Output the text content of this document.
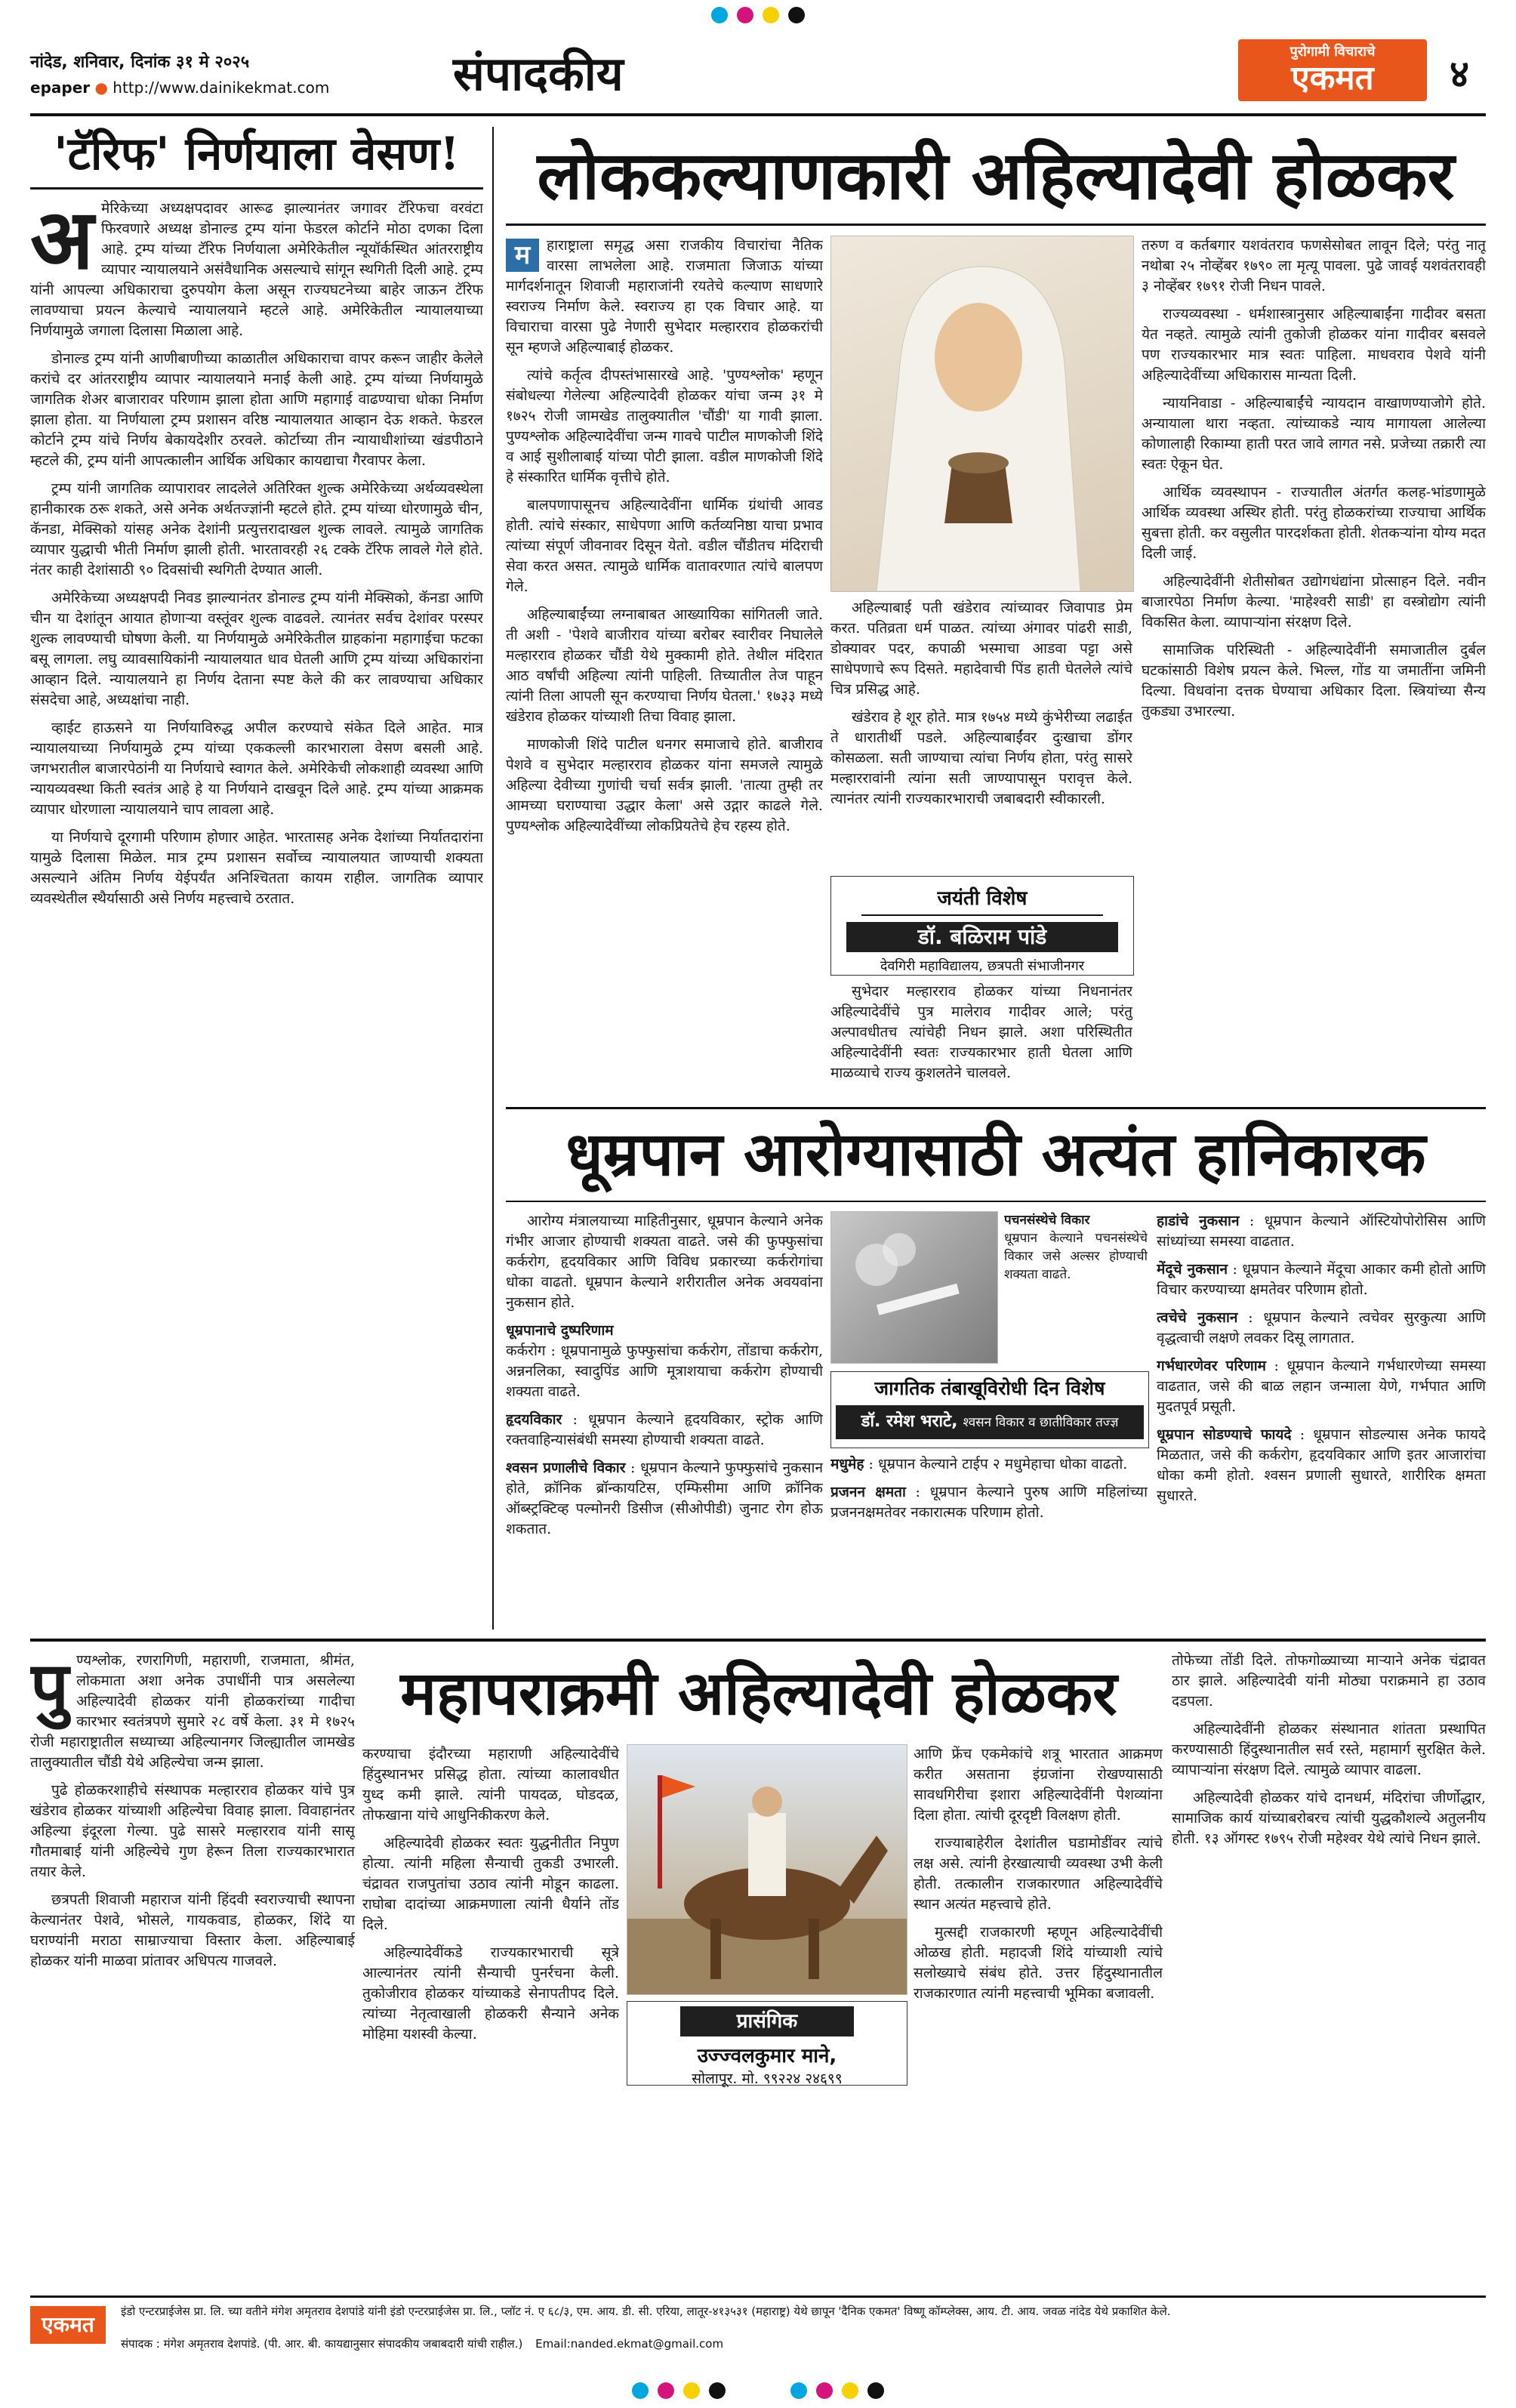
नांदेड, शनिवार, दिनांक ३१ मे २०२५
epaper ● http://www.dainikekmat.com	संपादकीय	पुरोगामी विचाराचे
एकमत	४
'टॅरिफ' निर्णयाला वेसण!
अ मेरिकेच्या अध्यक्षपदावर आरूढ झाल्यानंतर जगावर टॅरिफचा वरवंटा फिरवणारे अध्यक्ष डोनाल्ड ट्रम्प यांना फेडरल कोर्टाने मोठा दणका दिला आहे. ट्रम्प यांच्या टॅरिफ निर्णयाला अमेरिकेतील न्यूयॉर्कस्थित आंतरराष्ट्रीय व्यापार न्यायालयाने असंवैधानिक असल्याचे सांगून स्थगिती दिली आहे. ट्रम्प यांनी आपल्या अधिकाराचा दुरुपयोग केला असून राज्यघटनेच्या बाहेर जाऊन टॅरिफ लावण्याचा प्रयत्न केल्याचे न्यायालयाने म्हटले आहे. अमेरिकेतील न्यायालयाच्या निर्णयामुळे जगाला दिलासा मिळाला आहे.

डोनाल्ड ट्रम्प यांनी आणीबाणीच्या काळातील अधिकाराचा वापर करून जाहीर केलेले करांचे दर आंतरराष्ट्रीय व्यापार न्यायालयाने मनाई केली आहे. ट्रम्प यांच्या निर्णयामुळे जागतिक शेअर बाजारावर परिणाम झाला होता आणि महागाई वाढण्याचा धोका निर्माण झाला होता. या निर्णयाला ट्रम्प प्रशासन वरिष्ठ न्यायालयात आव्हान देऊ शकते. फेडरल कोर्टाने ट्रम्प यांचे निर्णय बेकायदेशीर ठरवले. कोर्टाच्या तीन न्यायाधीशांच्या खंडपीठाने म्हटले की, ट्रम्प यांनी आपत्कालीन आर्थिक अधिकार कायद्याचा गैरवापर केला.

ट्रम्प यांनी जागतिक व्यापारावर लादलेले अतिरिक्त शुल्क अमेरिकेच्या अर्थव्यवस्थेला हानीकारक ठरू शकते, असे अनेक अर्थतज्ज्ञांनी म्हटले होते. ट्रम्प यांच्या धोरणामुळे चीन, कॅनडा, मेक्सिको यांसह अनेक देशांनी प्रत्युत्तरादाखल शुल्क लावले. त्यामुळे जागतिक व्यापार युद्धाची भीती निर्माण झाली होती. भारतावरही २६ टक्के टॅरिफ लावले गेले होते. नंतर काही देशांसाठी ९० दिवसांची स्थगिती देण्यात आली.

अमेरिकेच्या अध्यक्षपदी निवड झाल्यानंतर डोनाल्ड ट्रम्प यांनी मेक्सिको, कॅनडा आणि चीन या देशांतून आयात होणाऱ्या वस्तूंवर शुल्क वाढवले. त्यानंतर सर्वच देशांवर परस्पर शुल्क लावण्याची घोषणा केली. या निर्णयामुळे अमेरिकेतील ग्राहकांना महागाईचा फटका बसू लागला. लघु व्यावसायिकांनी न्यायालयात धाव घेतली आणि ट्रम्प यांच्या अधिकारांना आव्हान दिले. न्यायालयाने हा निर्णय देताना स्पष्ट केले की कर लावण्याचा अधिकार संसदेचा आहे, अध्यक्षांचा नाही.

व्हाईट हाऊसने या निर्णयाविरुद्ध अपील करण्याचे संकेत दिले आहेत. मात्र न्यायालयाच्या निर्णयामुळे ट्रम्प यांच्या एककल्ली कारभाराला वेसण बसली आहे. जगभरातील बाजारपेठांनी या निर्णयाचे स्वागत केले. अमेरिकेची लोकशाही व्यवस्था आणि न्यायव्यवस्था किती स्वतंत्र आहे हे या निर्णयाने दाखवून दिले आहे. ट्रम्प यांच्या आक्रमक व्यापार धोरणाला न्यायालयाने चाप लावला आहे.

या निर्णयाचे दूरगामी परिणाम होणार आहेत. भारतासह अनेक देशांच्या निर्यातदारांना यामुळे दिलासा मिळेल. मात्र ट्रम्प प्रशासन सर्वोच्च न्यायालयात जाण्याची शक्यता असल्याने अंतिम निर्णय येईपर्यंत अनिश्चितता कायम राहील. जागतिक व्यापार व्यवस्थेतील स्थैर्यासाठी असे निर्णय महत्त्वाचे ठरतात.

लोककल्याणकारी अहिल्यादेवी होळकर
म	हाराष्ट्राला समृद्ध असा राजकीय विचारांचा नैतिक वारसा लाभलेला आहे. राजमाता जिजाऊ यांच्या मार्गदर्शनातून शिवाजी महाराजांनी रयतेचे कल्याण साधणारे स्वराज्य निर्माण केले. स्वराज्य हा एक विचार आहे. या विचाराचा वारसा पुढे नेणारी सुभेदार मल्हारराव होळकरांची सून म्हणजे अहिल्याबाई होळकर.

त्यांचे कर्तृत्व दीपस्तंभासारखे आहे. 'पुण्यश्लोक' म्हणून संबोधल्या गेलेल्या अहिल्यादेवी होळकर यांचा जन्म ३१ मे १७२५ रोजी जामखेड तालुक्यातील 'चौंडी' या गावी झाला. पुण्यश्लोक अहिल्यादेवींचा जन्म गावचे पाटील माणकोजी शिंदे व आई सुशीलाबाई यांच्या पोटी झाला. वडील माणकोजी शिंदे हे संस्कारित धार्मिक वृत्तीचे होते.

बालपणापासूनच अहिल्यादेवींना धार्मिक ग्रंथांची आवड होती. त्यांचे संस्कार, साधेपणा आणि कर्तव्यनिष्ठा याचा प्रभाव त्यांच्या संपूर्ण जीवनावर दिसून येतो. वडील चौंडीतच मंदिराची सेवा करत असत. त्यामुळे धार्मिक वातावरणात त्यांचे बालपण गेले.

अहिल्याबाईंच्या लग्नाबाबत आख्यायिका सांगितली जाते. ती अशी - 'पेशवे बाजीराव यांच्या बरोबर स्वारीवर निघालेले मल्हारराव होळकर चौंडी येथे मुक्कामी होते. तेथील मंदिरात आठ वर्षांची अहिल्या त्यांनी पाहिली. तिच्यातील तेज पाहून त्यांनी तिला आपली सून करण्याचा निर्णय घेतला.' १७३३ मध्ये खंडेराव होळकर यांच्याशी तिचा विवाह झाला.

माणकोजी शिंदे पाटील धनगर समाजाचे होते. बाजीराव पेशवे व सुभेदार मल्हारराव होळकर यांना समजले त्यामुळे अहिल्या देवीच्या गुणांची चर्चा सर्वत्र झाली. 'तात्या तुम्ही तर आमच्या घराण्याचा उद्धार केला' असे उद्गार काढले गेले. पुण्यश्लोक अहिल्यादेवींच्या लोकप्रियतेचे हेच रहस्य होते.

अहिल्याबाई पती खंडेराव त्यांच्यावर जिवापाड प्रेम करत. पतिव्रता धर्म पाळत. त्यांच्या अंगावर पांढरी साडी, डोक्यावर पदर, कपाळी भस्माचा आडवा पट्टा असे साधेपणाचे रूप दिसते. महादेवाची पिंड हाती घेतलेले त्यांचे चित्र प्रसिद्ध आहे.

खंडेराव हे शूर होते. मात्र १७५४ मध्ये कुंभेरीच्या लढाईत ते धारातीर्थी पडले. अहिल्याबाईंवर दुःखाचा डोंगर कोसळला. सती जाण्याचा त्यांचा निर्णय होता, परंतु सासरे मल्हाररावांनी त्यांना सती जाण्यापासून परावृत्त केले. त्यानंतर त्यांनी राज्यकारभाराची जबाबदारी स्वीकारली.

जयंती विशेष
डॉ. बळिराम पांडे
देवगिरी महाविद्यालय, छत्रपती संभाजीनगर

सुभेदार मल्हारराव होळकर यांच्या निधनानंतर अहिल्यादेवींचे पुत्र मालेराव गादीवर आले; परंतु अल्पावधीतच त्यांचेही निधन झाले. अशा परिस्थितीत अहिल्यादेवींनी स्वतः राज्यकारभार हाती घेतला आणि माळव्याचे राज्य कुशलतेने चालवले.

तरुण व कर्तबगार यशवंतराव फणसेसोबत लावून दिले; परंतु नातू नथोबा २५ नोव्हेंबर १७९० ला मृत्यू पावला. पुढे जावई यशवंतरावही ३ नोव्हेंबर १७९१ रोजी निधन पावले.

राज्यव्यवस्था - धर्मशास्त्रानुसार अहिल्याबाईंना गादीवर बसता येत नव्हते. त्यामुळे त्यांनी तुकोजी होळकर यांना गादीवर बसवले पण राज्यकारभार मात्र स्वतः पाहिला. माधवराव पेशवे यांनी अहिल्यादेवींच्या अधिकारास मान्यता दिली.

न्यायनिवाडा - अहिल्याबाईंचे न्यायदान वाखाणण्याजोगे होते. अन्यायाला थारा नव्हता. त्यांच्याकडे न्याय मागायला आलेल्या कोणालाही रिकाम्या हाती परत जावे लागत नसे. प्रजेच्या तक्रारी त्या स्वतः ऐकून घेत.

आर्थिक व्यवस्थापन - राज्यातील अंतर्गत कलह-भांडणामुळे आर्थिक व्यवस्था अस्थिर होती. परंतु होळकरांच्या राज्याचा आर्थिक सुबत्ता होती. कर वसुलीत पारदर्शकता होती. शेतकऱ्यांना योग्य मदत दिली जाई.

अहिल्यादेवींनी शेतीसोबत उद्योगधंद्यांना प्रोत्साहन दिले. नवीन बाजारपेठा निर्माण केल्या. 'माहेश्वरी साडी' हा वस्त्रोद्योग त्यांनी विकसित केला. व्यापाऱ्यांना संरक्षण दिले.

सामाजिक परिस्थिती - अहिल्यादेवींनी समाजातील दुर्बल घटकांसाठी विशेष प्रयत्न केले. भिल्ल, गोंड या जमातींना जमिनी दिल्या. विधवांना दत्तक घेण्याचा अधिकार दिला. स्त्रियांच्या सैन्य तुकड्या उभारल्या.

धूम्रपान आरोग्यासाठी अत्यंत हानिकारक

आरोग्य मंत्रालयाच्या माहितीनुसार, धूम्रपान केल्याने अनेक गंभीर आजार होण्याची शक्यता वाढते. जसे की फुफ्फुसांचा कर्करोग, हृदयविकार आणि विविध प्रकारच्या कर्करोगांचा धोका वाढतो. धूम्रपान केल्याने शरीरातील अनेक अवयवांना नुकसान होते.

धूम्रपानाचे दुष्परिणाम
कर्करोग : धूम्रपानामुळे फुफ्फुसांचा कर्करोग, तोंडाचा कर्करोग, अन्ननलिका, स्वादुपिंड आणि मूत्राशयाचा कर्करोग होण्याची शक्यता वाढते.

हृदयविकार : धूम्रपान केल्याने हृदयविकार, स्ट्रोक आणि रक्तवाहिन्यासंबंधी समस्या होण्याची शक्यता वाढते.

श्वसन प्रणालीचे विकार : धूम्रपान केल्याने फुफ्फुसांचे नुकसान होते, क्रॉनिक ब्रॉन्कायटिस, एम्फिसीमा आणि क्रॉनिक ऑब्स्ट्रक्टिव्ह पल्मोनरी डिसीज (सीओपीडी) जुनाट रोग होऊ शकतात.

पचनसंस्थेचे विकार
धूम्रपान केल्याने पचनसंस्थेचे विकार जसे अल्सर होण्याची शक्यता वाढते.
जागतिक तंबाखूविरोधी दिन विशेष
डॉ. रमेश भराटे, श्वसन विकार व छातीविकार तज्ज्ञ

मधुमेह : धूम्रपान केल्याने टाईप २ मधुमेहाचा धोका वाढतो.

प्रजनन क्षमता : धूम्रपान केल्याने पुरुष आणि महिलांच्या प्रजननक्षमतेवर नकारात्मक परिणाम होतो.

हाडांचे नुकसान : धूम्रपान केल्याने ऑस्टियोपोरोसिस आणि सांध्यांच्या समस्या वाढतात.

मेंदूचे नुकसान : धूम्रपान केल्याने मेंदूचा आकार कमी होतो आणि विचार करण्याच्या क्षमतेवर परिणाम होतो.

त्वचेचे नुकसान : धूम्रपान केल्याने त्वचेवर सुरकुत्या आणि वृद्धत्वाची लक्षणे लवकर दिसू लागतात.

गर्भधारणेवर परिणाम : धूम्रपान केल्याने गर्भधारणेच्या समस्या वाढतात, जसे की बाळ लहान जन्माला येणे, गर्भपात आणि मुदतपूर्व प्रसूती.

धूम्रपान सोडण्याचे फायदे : धूम्रपान सोडल्यास अनेक फायदे मिळतात, जसे की कर्करोग, हृदयविकार आणि इतर आजारांचा धोका कमी होतो. श्वसन प्रणाली सुधारते, शारीरिक क्षमता सुधारते.

पु ण्यश्लोक, रणरागिणी, महाराणी, राजमाता, श्रीमंत, लोकमाता अशा अनेक उपाधींनी पात्र असलेल्या अहिल्यादेवी होळकर यांनी होळकरांच्या गादीचा कारभार स्वतंत्रपणे सुमारे २८ वर्षे केला. ३१ मे १७२५ रोजी महाराष्ट्रातील सध्याच्या अहिल्यानगर जिल्ह्यातील जामखेड तालुक्यातील चौंडी येथे अहिल्येचा जन्म झाला.

पुढे होळकरशाहीचे संस्थापक मल्हारराव होळकर यांचे पुत्र खंडेराव होळकर यांच्याशी अहिल्येचा विवाह झाला. विवाहानंतर अहिल्या इंदूरला गेल्या. पुढे सासरे मल्हारराव यांनी सासू गौतमाबाई यांनी अहिल्येचे गुण हेरून तिला राज्यकारभारात तयार केले.

छत्रपती शिवाजी महाराज यांनी हिंदवी स्वराज्याची स्थापना केल्यानंतर पेशवे, भोसले, गायकवाड, होळकर, शिंदे या घराण्यांनी मराठा साम्राज्याचा विस्तार केला. अहिल्याबाई होळकर यांनी माळवा प्रांतावर अधिपत्य गाजवले.

महापराक्रमी अहिल्यादेवी होळकर

करण्याचा इंदौरच्या महाराणी अहिल्यादेवींचे हिंदुस्थानभर प्रसिद्ध होता. त्यांच्या कालावधीत युध्द कमी झाले. त्यांनी पायदळ, घोडदळ, तोफखाना यांचे आधुनिकीकरण केले.

अहिल्यादेवी होळकर स्वतः युद्धनीतीत निपुण होत्या. त्यांनी महिला सैन्याची तुकडी उभारली. चंद्रावत राजपुतांचा उठाव त्यांनी मोडून काढला. राघोबा दादांच्या आक्रमणाला त्यांनी धैर्याने तोंड दिले.

अहिल्यादेवींकडे राज्यकारभाराची सूत्रे आल्यानंतर त्यांनी सैन्याची पुनर्रचना केली. तुकोजीराव होळकर यांच्याकडे सेनापतीपद दिले. त्यांच्या नेतृत्वाखाली होळकरी सैन्याने अनेक मोहिमा यशस्वी केल्या.

प्रासंगिक
उज्ज्वलकुमार माने,
सोलापूर. मो. ९९२२४ २४६९९

आणि फ्रेंच एकमेकांचे शत्रू भारतात आक्रमण करीत असताना इंग्रजांना रोखण्यासाठी सावधगिरीचा इशारा अहिल्यादेवींनी पेशव्यांना दिला होता. त्यांची दूरदृष्टी विलक्षण होती.

राज्याबाहेरील देशांतील घडामोडींवर त्यांचे लक्ष असे. त्यांनी हेरखात्याची व्यवस्था उभी केली होती. तत्कालीन राजकारणात अहिल्यादेवींचे स्थान अत्यंत महत्त्वाचे होते.

मुत्सद्दी राजकारणी म्हणून अहिल्यादेवींची ओळख होती. महादजी शिंदे यांच्याशी त्यांचे सलोख्याचे संबंध होते. उत्तर हिंदुस्थानातील राजकारणात त्यांनी महत्त्वाची भूमिका बजावली.

तोफेच्या तोंडी दिले. तोफगोळ्याच्या माऱ्याने अनेक चंद्रावत ठार झाले. अहिल्यादेवी यांनी मोठ्या पराक्रमाने हा उठाव दडपला.

अहिल्यादेवींनी होळकर संस्थानात शांतता प्रस्थापित करण्यासाठी हिंदुस्थानातील सर्व रस्ते, महामार्ग सुरक्षित केले. व्यापाऱ्यांना संरक्षण दिले. त्यामुळे व्यापार वाढला.

अहिल्यादेवी होळकर यांचे दानधर्म, मंदिरांचा जीर्णोद्धार, सामाजिक कार्य यांच्याबरोबरच त्यांची युद्धकौशल्ये अतुलनीय होती. १३ ऑगस्ट १७९५ रोजी महेश्वर येथे त्यांचे निधन झाले.

एकमत
इंडो एन्टरप्राईजेस प्रा. लि. च्या वतीने मंगेश अमृतराव देशपांडे यांनी इंडो एन्टरप्राईजेस प्रा. लि., प्लॉट नं. ए ६८/३, एम. आय. डी. सी. एरिया, लातूर-४१३५३१ (महाराष्ट्र) येथे छापून 'दैनिक एकमत' विष्णू कॉम्प्लेक्स, आय. टी. आय. जवळ नांदेड येथे प्रकाशित केले.
संपादक : मंगेश अमृतराव देशपांडे. (पी. आर. बी. कायद्यानुसार संपादकीय जबाबदारी यांची राहील.) Email:nanded.ekmat@gmail.com
